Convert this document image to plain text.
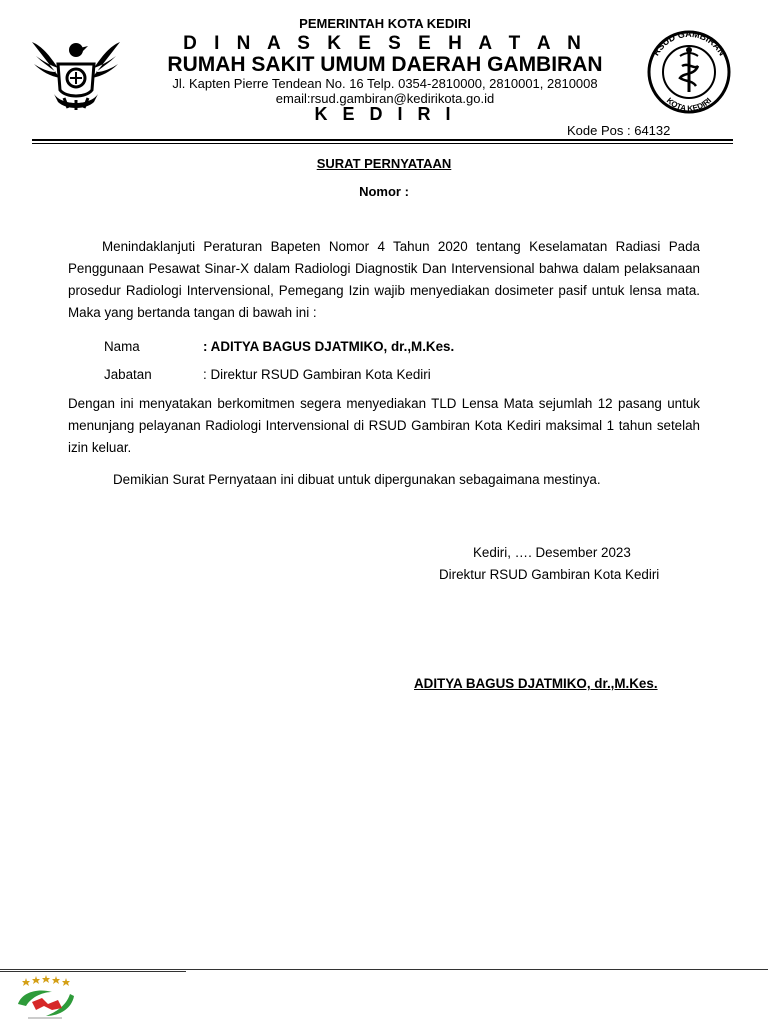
PEMERINTAH KOTA KEDIRI
D I N A S K E S E H A T A N
RUMAH SAKIT UMUM DAERAH GAMBIRAN
Jl. Kapten Pierre Tendean No. 16 Telp. 0354-2810000, 2810001, 2810008
email:rsud.gambiran@kedirikota.go.id
K E D I R I
RSUD GAMBIRAN
KOTA KEDIRI
Kode Pos : 64132
SURAT PERNYATAAN
Nomor :
Menindaklanjuti Peraturan Bapeten Nomor 4 Tahun 2020 tentang Keselamatan Radiasi Pada Penggunaan Pesawat Sinar-X dalam Radiologi Diagnostik Dan Intervensional bahwa dalam pelaksanaan prosedur Radiologi Intervensional, Pemegang Izin wajib menyediakan dosimeter pasif untuk lensa mata. Maka yang bertanda tangan di bawah ini :
Nama	: ADITYA BAGUS DJATMIKO, dr.,M.Kes.
Jabatan	: Direktur RSUD Gambiran Kota Kediri
Dengan ini menyatakan berkomitmen segera menyediakan TLD Lensa Mata sejumlah 12 pasang untuk menunjang pelayanan Radiologi Intervensional di RSUD Gambiran Kota Kediri maksimal 1 tahun setelah izin keluar.
Demikian Surat Pernyataan ini dibuat untuk dipergunakan sebagaimana mestinya.
Kediri, …. Desember 2023
Direktur RSUD Gambiran Kota Kediri
ADITYA BAGUS DJATMIKO, dr.,M.Kes.
